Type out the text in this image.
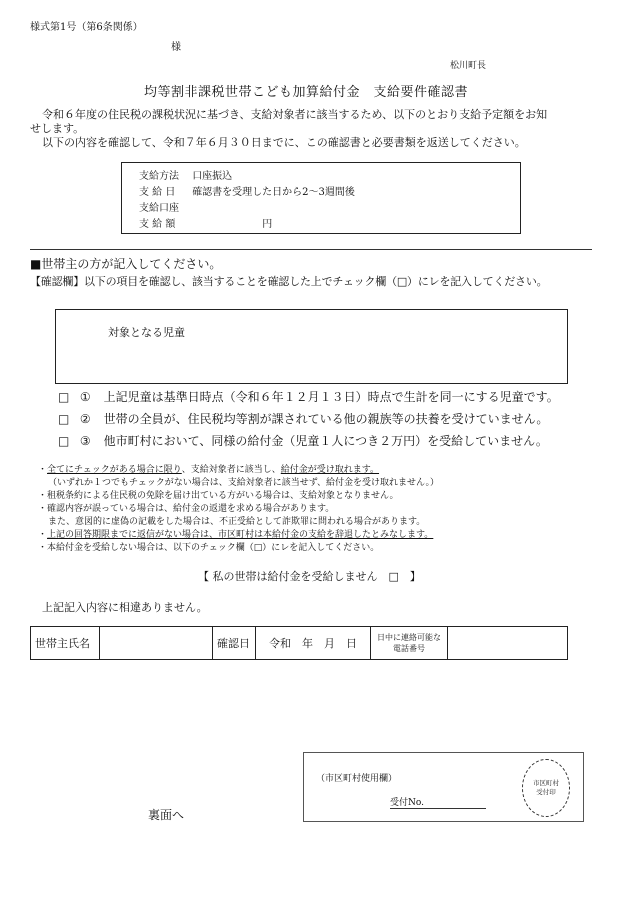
様式第1号（第6条関係）
様
松川町長
均等割非課税世帯こども加算給付金　支給要件確認書
令和６年度の住民税の課税状況に基づき、支給対象者に該当するため、以下のとおり支給予定額をお知
せします。
以下の内容を確認して、令和７年６月３０日までに、この確認書と必要書類を返送してください。
支給方法 口座振込
支 給 日 確認書を受理した日から2～3週間後
支給口座
支 給 額	円
■世帯主の方が記入してください。
【確認欄】以下の項目を確認し、該当することを確認した上でチェック欄（□）にレを記入してください。
対象となる児童
□ ① 上記児童は基準日時点（令和６年１２月１３日）時点で生計を同一にする児童です。
□ ② 世帯の全員が、住民税均等割が課されている他の親族等の扶養を受けていません。
□ ③ 他市町村において、同様の給付金（児童１人につき２万円）を受給していません。
・全てにチェックがある場合に限り、支給対象者に該当し、給付金が受け取れます。
（いずれか１つでもチェックがない場合は、支給対象者に該当せず、給付金を受け取れません。）
・租税条約による住民税の免除を届け出ている方がいる場合は、支給対象となりません。
・確認内容が誤っている場合は、給付金の返還を求める場合があります。
また、意図的に虚偽の記載をした場合は、不正受給として詐欺罪に問われる場合があります。
・上記の回答期限までに返信がない場合は、市区町村は本給付金の支給を辞退したとみなします。
・本給付金を受給しない場合は、以下のチェック欄（□）にレを記入してください。
【 私の世帯は給付金を受給しません　□　】
上記記入内容に相違ありません。
世帯主氏名		確認日	令和　年　月　日	日中に連絡可能な
電話番号

裏面へ
（市区町村使用欄）
受付No.
市区町村
受付印
